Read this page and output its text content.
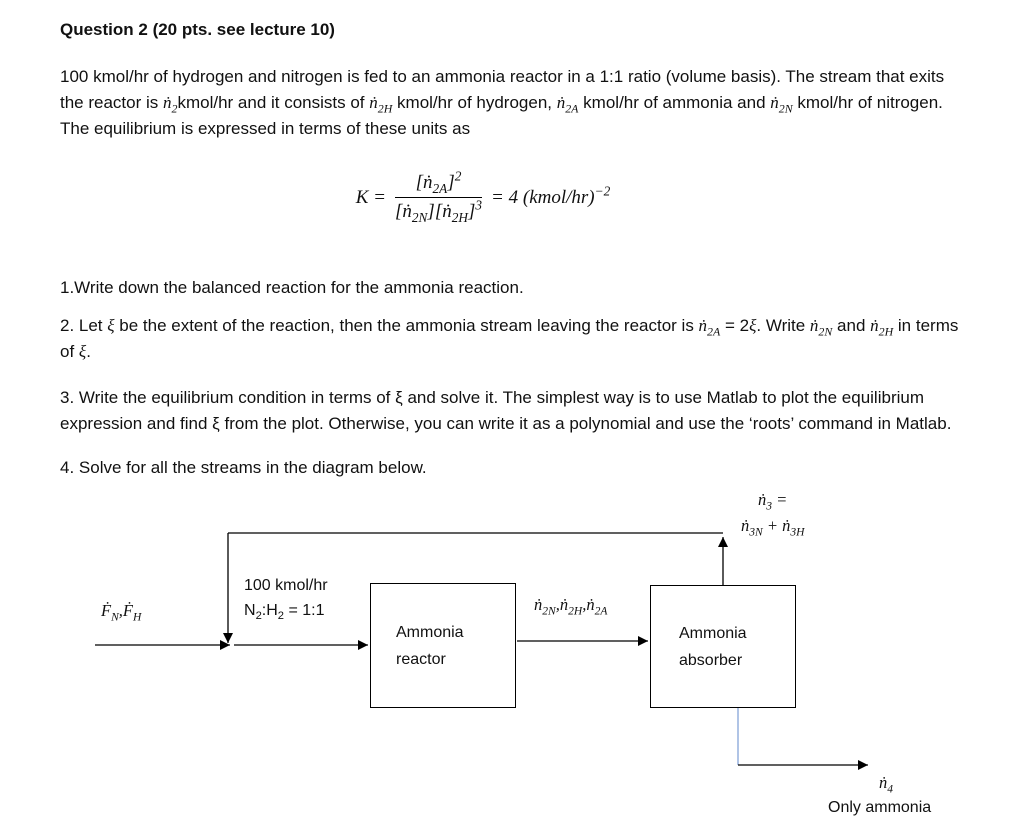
Question 2 (20 pts. see lecture 10)

100 kmol/hr of hydrogen and nitrogen is fed to an ammonia reactor in a 1:1 ratio (volume basis). The stream that exits the reactor is ṅ$_2$kmol/hr and it consists of ṅ$_{2H}$ kmol/hr of hydrogen, ṅ$_{2A}$ kmol/hr of ammonia and ṅ$_{2N}$ kmol/hr of nitrogen. The equilibrium is expressed in terms of these units as

$K = \frac{[ṅ_{2A}]^2}{[ṅ_{2N}][ṅ_{2H}]^3} = 4$ (kmol/hr)$^{-2}$

1.Write down the balanced reaction for the ammonia reaction.

2. Let ξ be the extent of the reaction, then the ammonia stream leaving the reactor is ṅ$_{2A}$ = 2ξ. Write ṅ$_{2N}$ and ṅ$_{2H}$ in terms of ξ.

3. Write the equilibrium condition in terms of ξ and solve it. The simplest way is to use Matlab to plot the equilibrium expression and find ξ from the plot. Otherwise, you can write it as a polynomial and use the ‘roots’ command in Matlab.

4. Solve for all the streams in the diagram below.

ṅ$_3$ =
ṅ$_{3N}$ + ṅ$_{3H}$
Ḟ$_N$,Ḟ$_H$
100 kmol/hr
$N_2:H_2$ = 1:1
Ammonia
reactor
ṅ$_{2N}$,ṅ$_{2H}$,ṅ$_{2A}$
Ammonia
absorber
ṅ$_4$
Only ammonia
